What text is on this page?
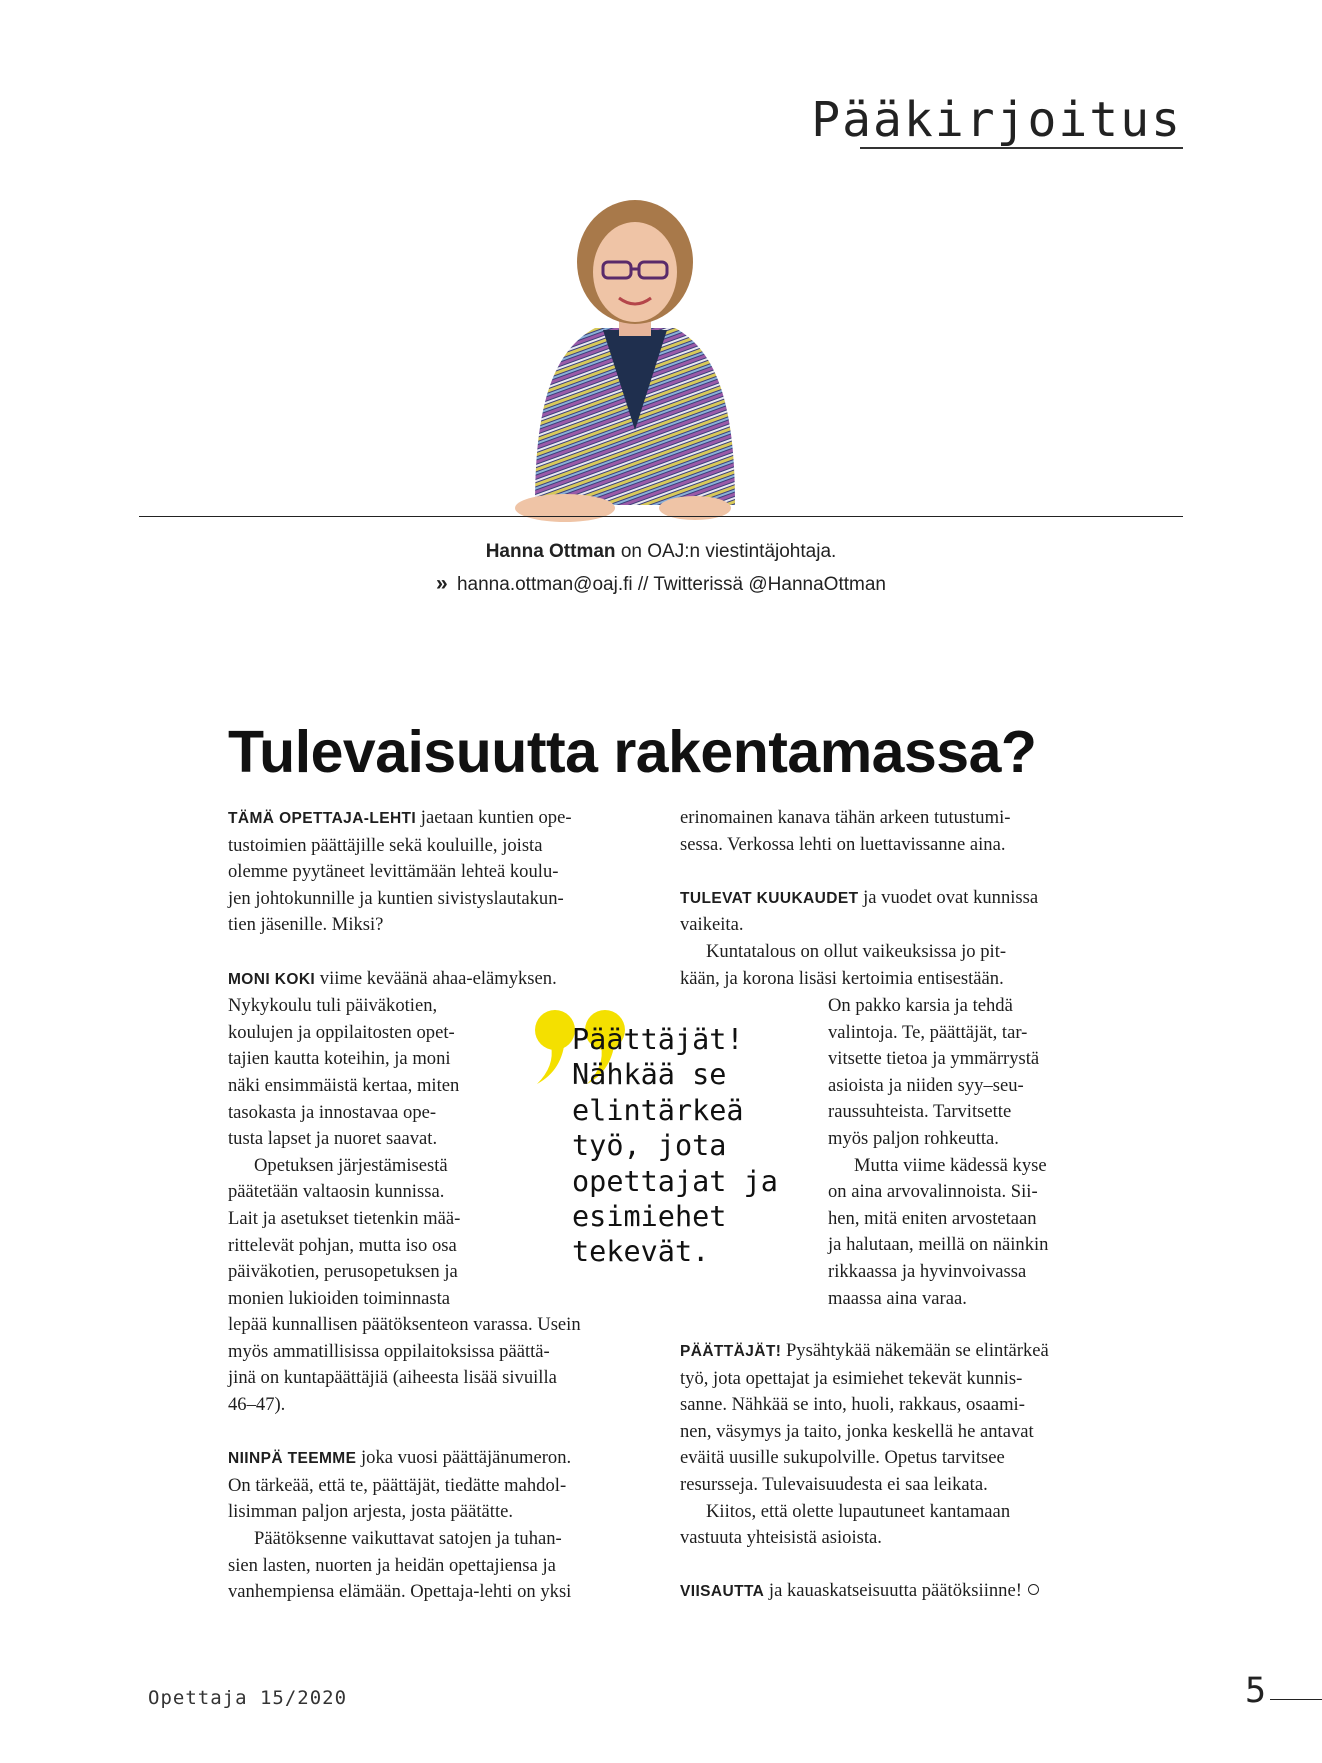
Pääkirjoitus
Hanna Ottman on OAJ:n viestintäjohtaja.
» hanna.ottman@oaj.fi // Twitterissä @HannaOttman
Tulevaisuutta rakentamassa?

TÄMÄ OPETTAJA-LEHTI jaetaan kuntien ope-
tustoimien päättäjille sekä kouluille, joista
olemme pyytäneet levittämään lehteä koulu-
jen johtokunnille ja kuntien sivistyslautakun-
tien jäsenille. Miksi?

MONI KOKI viime keväänä ahaa-elämyksen.
Nykykoulu tuli päiväkotien,
koulujen ja oppilaitosten opet-
tajien kautta koteihin, ja moni
näki ensimmäistä kertaa, miten
tasokasta ja innostavaa ope-
tusta lapset ja nuoret saavat.

Opetuksen järjestämisestä
päätetään valtaosin kunnissa.
Lait ja asetukset tietenkin mää-
rittelevät pohjan, mutta iso osa
päiväkotien, perusopetuksen ja
monien lukioiden toiminnasta
lepää kunnallisen päätöksenteon varassa. Usein
myös ammatillisissa oppilaitoksissa päättä-
jinä on kuntapäättäjiä (aiheesta lisää sivuilla
46–47).

NIINPÄ TEEMME joka vuosi päättäjänumeron.
On tärkeää, että te, päättäjät, tiedätte mahdol-
lisimman paljon arjesta, josta päätätte.

Päätöksenne vaikuttavat satojen ja tuhan-
sien lasten, nuorten ja heidän opettajiensa ja
vanhempiensa elämään. Opettaja-lehti on yksi

erinomainen kanava tähän arkeen tutustumi-
sessa. Verkossa lehti on luettavissanne aina.

TULEVAT KUUKAUDET ja vuodet ovat kunnissa
vaikeita.

Kuntatalous on ollut vaikeuksissa jo pit-
kään, ja korona lisäsi kertoimia entisestään.

On pakko karsia ja tehdä
valintoja. Te, päättäjät, tar-
vitsette tietoa ja ymmärrystä
asioista ja niiden syy–seu-
raussuhteista. Tarvitsette
myös paljon rohkeutta.

Mutta viime kädessä kyse
on aina arvovalinnoista. Sii-
hen, mitä eniten arvostetaan
ja halutaan, meillä on näinkin
rikkaassa ja hyvinvoivassa
maassa aina varaa.

PÄÄTTÄJÄT! Pysähtykää näkemään se elintärkeä
työ, jota opettajat ja esimiehet tekevät kunnis-
sanne. Nähkää se into, huoli, rakkaus, osaami-
nen, väsymys ja taito, jonka keskellä he antavat
eväitä uusille sukupolville. Opetus tarvitsee
resursseja. Tulevaisuudesta ei saa leikata.

Kiitos, että olette lupautuneet kantamaan
vastuuta yhteisistä asioista.

VIISAUTTA ja kauaskatseisuutta päätöksiinne!

Päättäjät!
Nähkää se
elintärkeä
työ, jota
opettajat ja
esimiehet
tekevät.
Opettaja 15/2020	5
